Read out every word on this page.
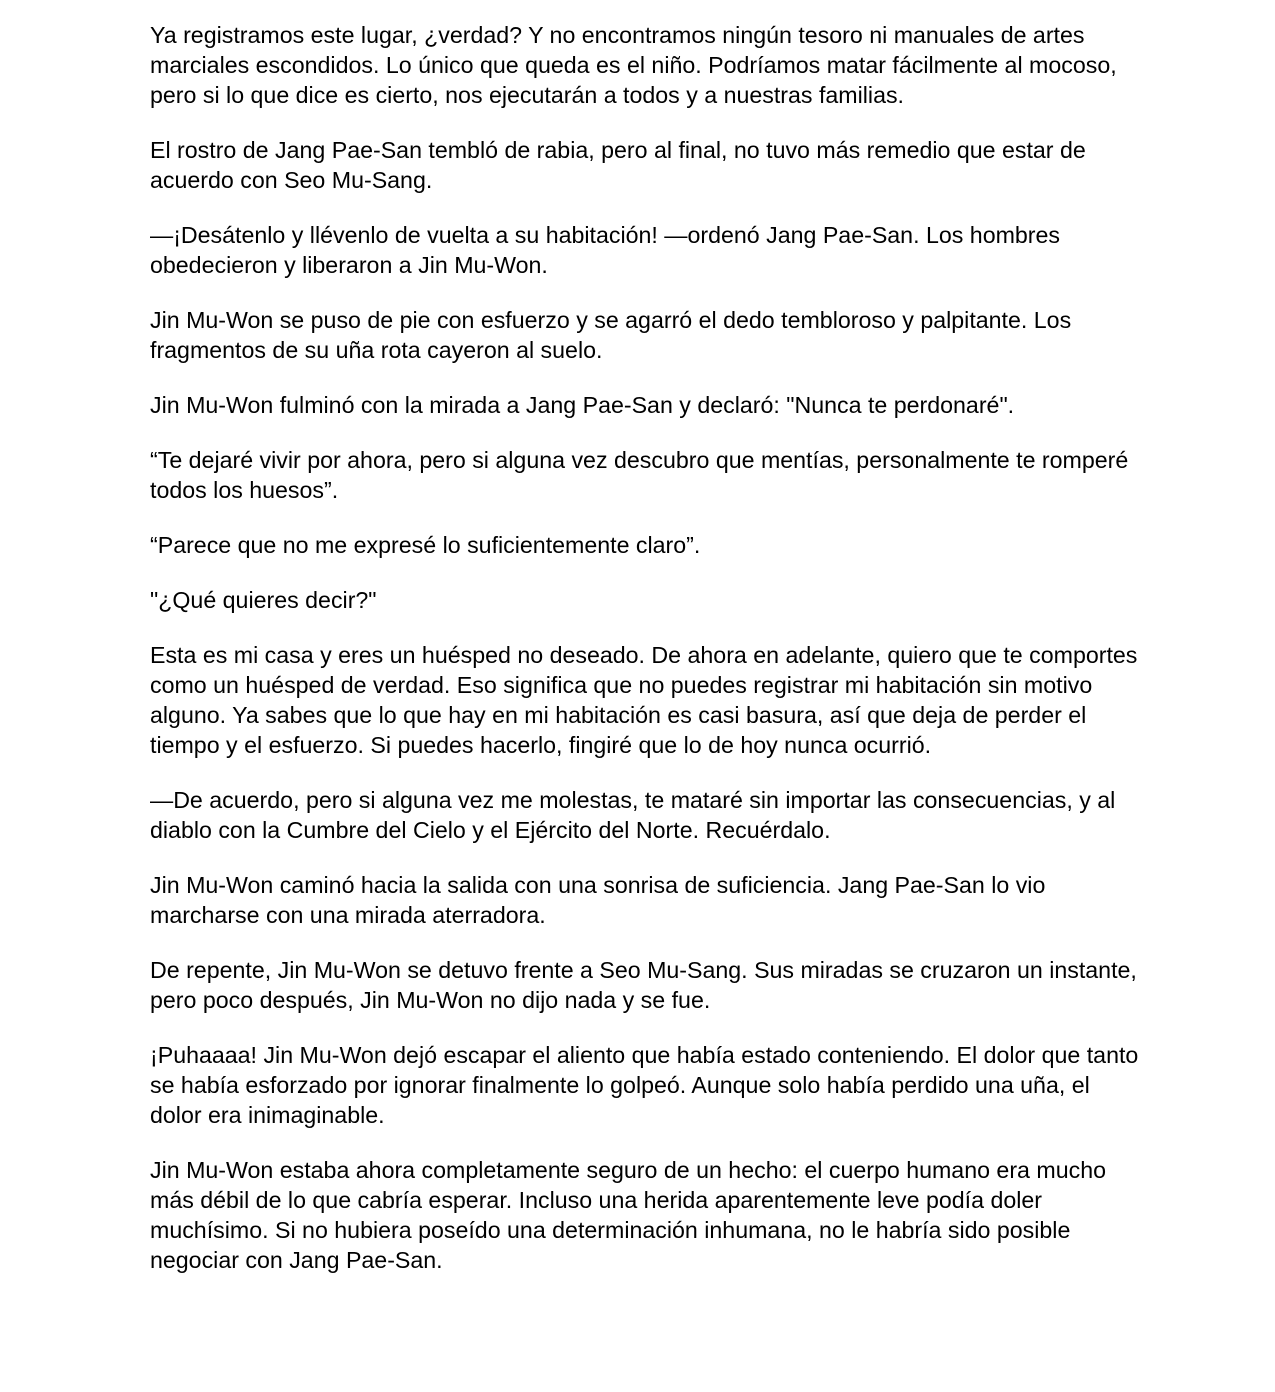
Ya registramos este lugar, ¿verdad? Y no encontramos ningún tesoro ni manuales de artes marciales escondidos. Lo único que queda es el niño. Podríamos matar fácilmente al mocoso, pero si lo que dice es cierto, nos ejecutarán a todos y a nuestras familias.

El rostro de Jang Pae-San tembló de rabia, pero al final, no tuvo más remedio que estar de acuerdo con Seo Mu-Sang.

—¡Desátenlo y llévenlo de vuelta a su habitación! —ordenó Jang Pae-San. Los hombres obedecieron y liberaron a Jin Mu-Won.

Jin Mu-Won se puso de pie con esfuerzo y se agarró el dedo tembloroso y palpitante. Los fragmentos de su uña rota cayeron al suelo.

Jin Mu-Won fulminó con la mirada a Jang Pae-San y declaró: "Nunca te perdonaré".

“Te dejaré vivir por ahora, pero si alguna vez descubro que mentías, personalmente te romperé todos los huesos”.

“Parece que no me expresé lo suficientemente claro”.

"¿Qué quieres decir?"

Esta es mi casa y eres un huésped no deseado. De ahora en adelante, quiero que te comportes como un huésped de verdad. Eso significa que no puedes registrar mi habitación sin motivo alguno. Ya sabes que lo que hay en mi habitación es casi basura, así que deja de perder el tiempo y el esfuerzo. Si puedes hacerlo, fingiré que lo de hoy nunca ocurrió.

—De acuerdo, pero si alguna vez me molestas, te mataré sin importar las consecuencias, y al diablo con la Cumbre del Cielo y el Ejército del Norte. Recuérdalo.

Jin Mu-Won caminó hacia la salida con una sonrisa de suficiencia. Jang Pae-San lo vio marcharse con una mirada aterradora.

De repente, Jin Mu-Won se detuvo frente a Seo Mu-Sang. Sus miradas se cruzaron un instante, pero poco después, Jin Mu-Won no dijo nada y se fue.

¡Puhaaaa! Jin Mu-Won dejó escapar el aliento que había estado conteniendo. El dolor que tanto se había esforzado por ignorar finalmente lo golpeó. Aunque solo había perdido una uña, el dolor era inimaginable.

Jin Mu-Won estaba ahora completamente seguro de un hecho: el cuerpo humano era mucho más débil de lo que cabría esperar. Incluso una herida aparentemente leve podía doler muchísimo. Si no hubiera poseído una determinación inhumana, no le habría sido posible negociar con Jang Pae-San.
